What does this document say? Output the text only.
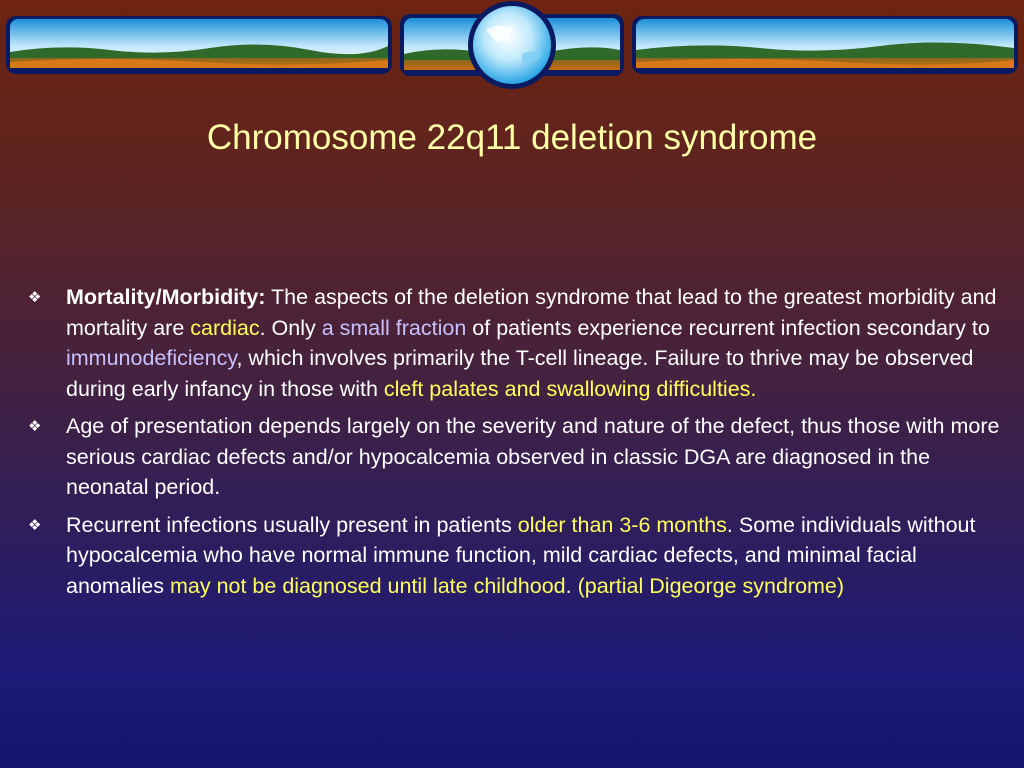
Chromosome 22q11 deletion syndrome
❖	Mortality/Morbidity: The aspects of the deletion syndrome that lead to the greatest morbidity and mortality are cardiac. Only a small fraction of patients experience recurrent infection secondary to immunodeficiency, which involves primarily the T-cell lineage. Failure to thrive may be observed during early infancy in those with cleft palates and swallowing difficulties.
❖	Age of presentation depends largely on the severity and nature of the defect, thus those with more serious cardiac defects and/or hypocalcemia observed in classic DGA are diagnosed in the neonatal period.
❖	Recurrent infections usually present in patients older than 3-6 months. Some individuals without hypocalcemia who have normal immune function, mild cardiac defects, and minimal facial anomalies may not be diagnosed until late childhood. (partial Digeorge syndrome)
